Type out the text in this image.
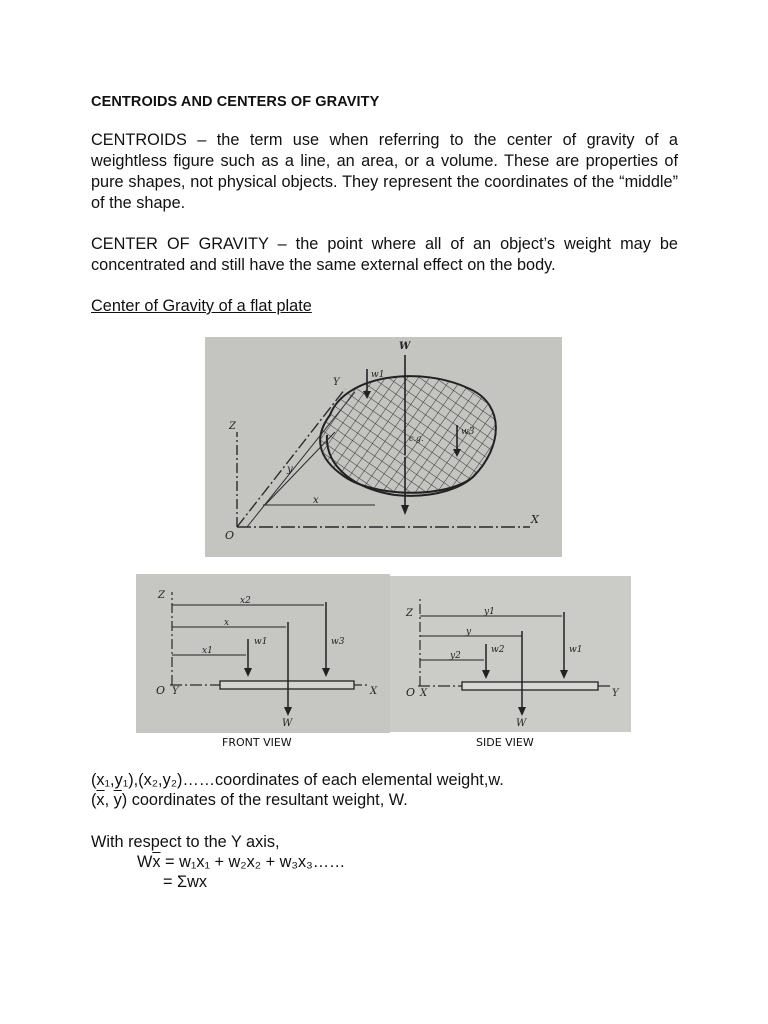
CENTROIDS AND CENTERS OF GRAVITY

CENTROIDS – the term use when referring to the center of gravity of a weightless figure such as a line, an area, or a volume. These are properties of pure shapes, not physical objects. They represent the coordinates of the “middle” of the shape.

CENTER OF GRAVITY – the point where all of an object’s weight may be concentrated and still have the same external effect on the body.

Center of Gravity of a flat plate

W
w1
w3
Y
Z
X
O
c.g.
y
x
Z	x2
x
x1
w1	w3
O Y	X
W
Z	y1
y
y2
w2	w1
O X	Y
W

FRONT VIEW	SIDE VIEW

(x₁,y₁),(x₂,y₂)……coordinates of each elemental weight,w.

($\overline{x}$, $\overline{y}$) coordinates of the resultant weight, W.

With respect to the Y axis,

$W\overline{x} = w_1x_1 + w_2x_2$ + w₃x₃……

= Σwx
